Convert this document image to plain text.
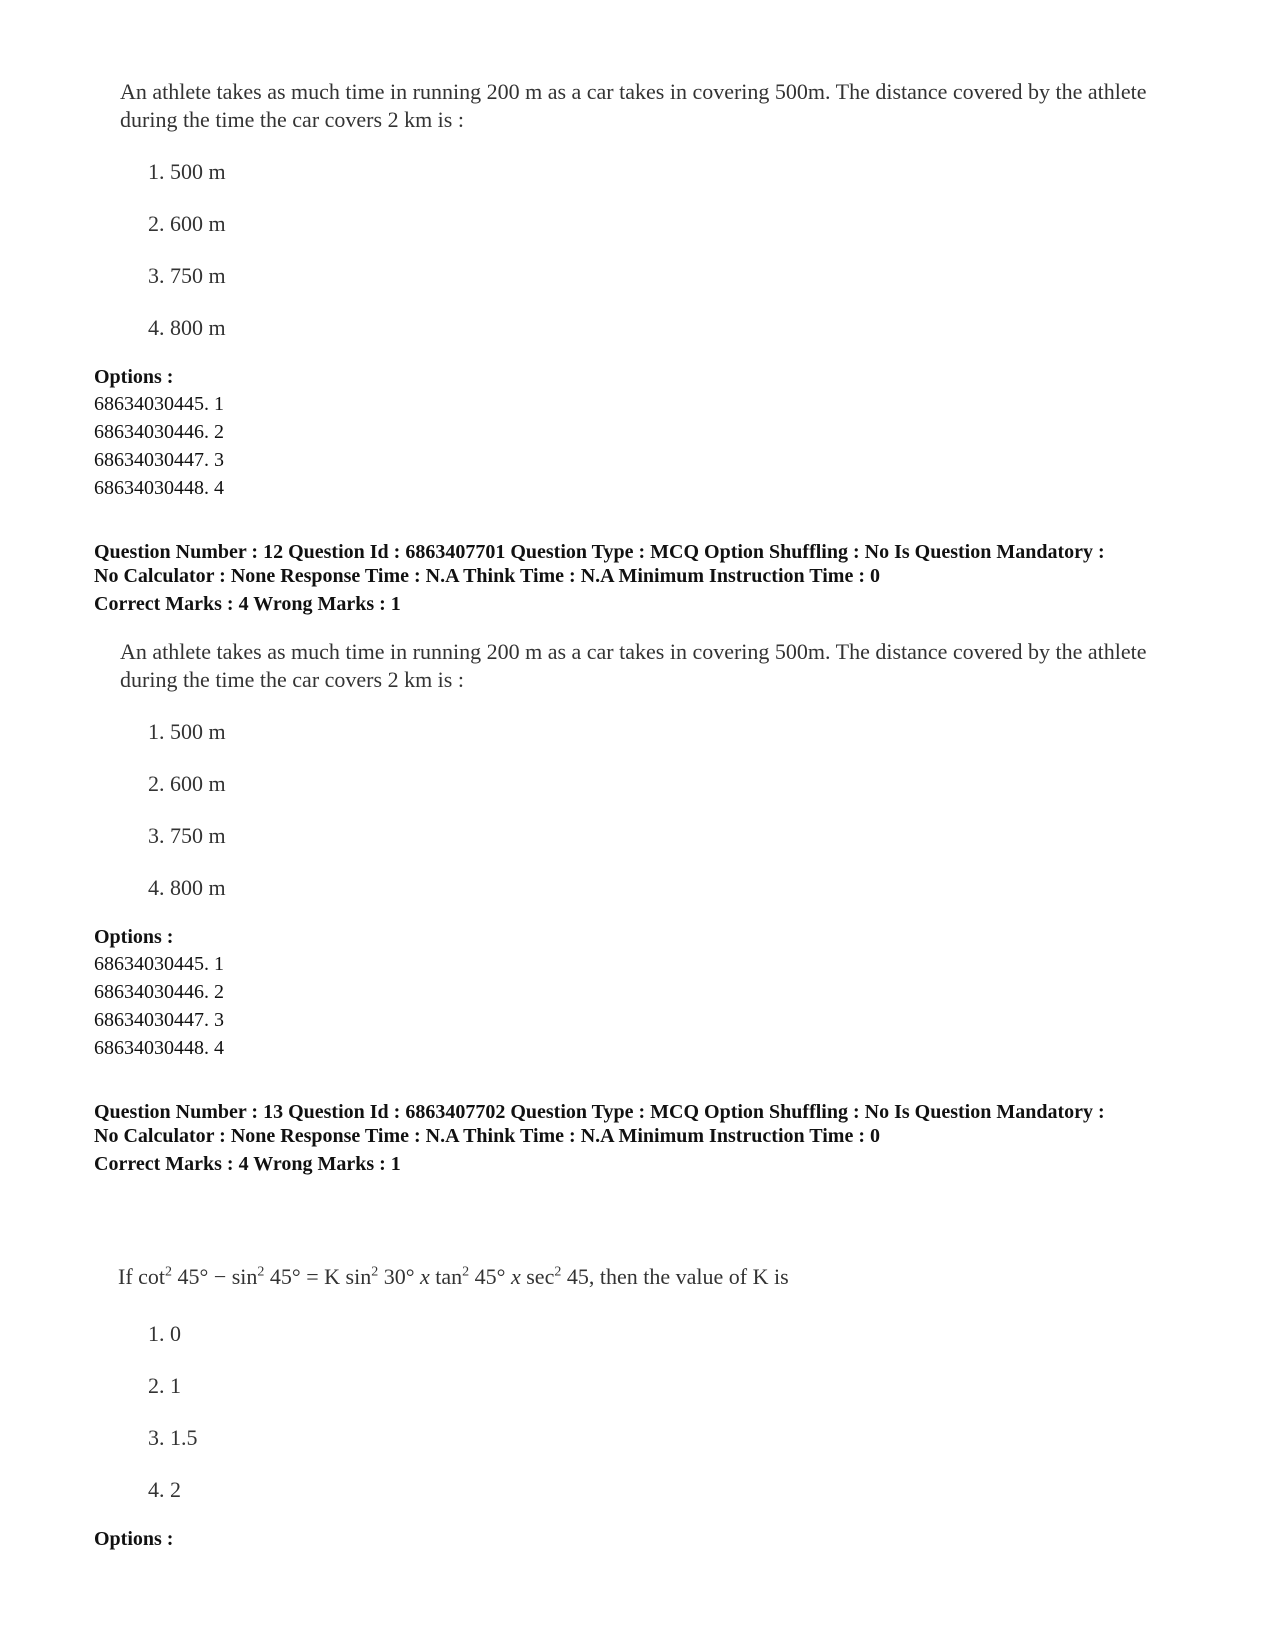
An athlete takes as much time in running 200 m as a car takes in covering 500m. The distance covered by the athlete during the time the car covers 2 km is :
1. 500 m
2. 600 m
3. 750 m
4. 800 m
Options :
68634030445. 1
68634030446. 2
68634030447. 3
68634030448. 4
Question Number : 12 Question Id : 6863407701 Question Type : MCQ Option Shuffling : No Is Question Mandatory :
No Calculator : None Response Time : N.A Think Time : N.A Minimum Instruction Time : 0
Correct Marks : 4 Wrong Marks : 1
An athlete takes as much time in running 200 m as a car takes in covering 500m. The distance covered by the athlete during the time the car covers 2 km is :
1. 500 m
2. 600 m
3. 750 m
4. 800 m
Options :
68634030445. 1
68634030446. 2
68634030447. 3
68634030448. 4
Question Number : 13 Question Id : 6863407702 Question Type : MCQ Option Shuffling : No Is Question Mandatory :
No Calculator : None Response Time : N.A Think Time : N.A Minimum Instruction Time : 0
Correct Marks : 4 Wrong Marks : 1
If $\cot^2 45^\circ - \sin^2 45^\circ = K$ $\sin^2 30^\circ$ x $\tan^2 45^\circ$ x $\sec^2 45$, then the value of K is
1. 0
2. 1
3. 1.5
4. 2
Options :
